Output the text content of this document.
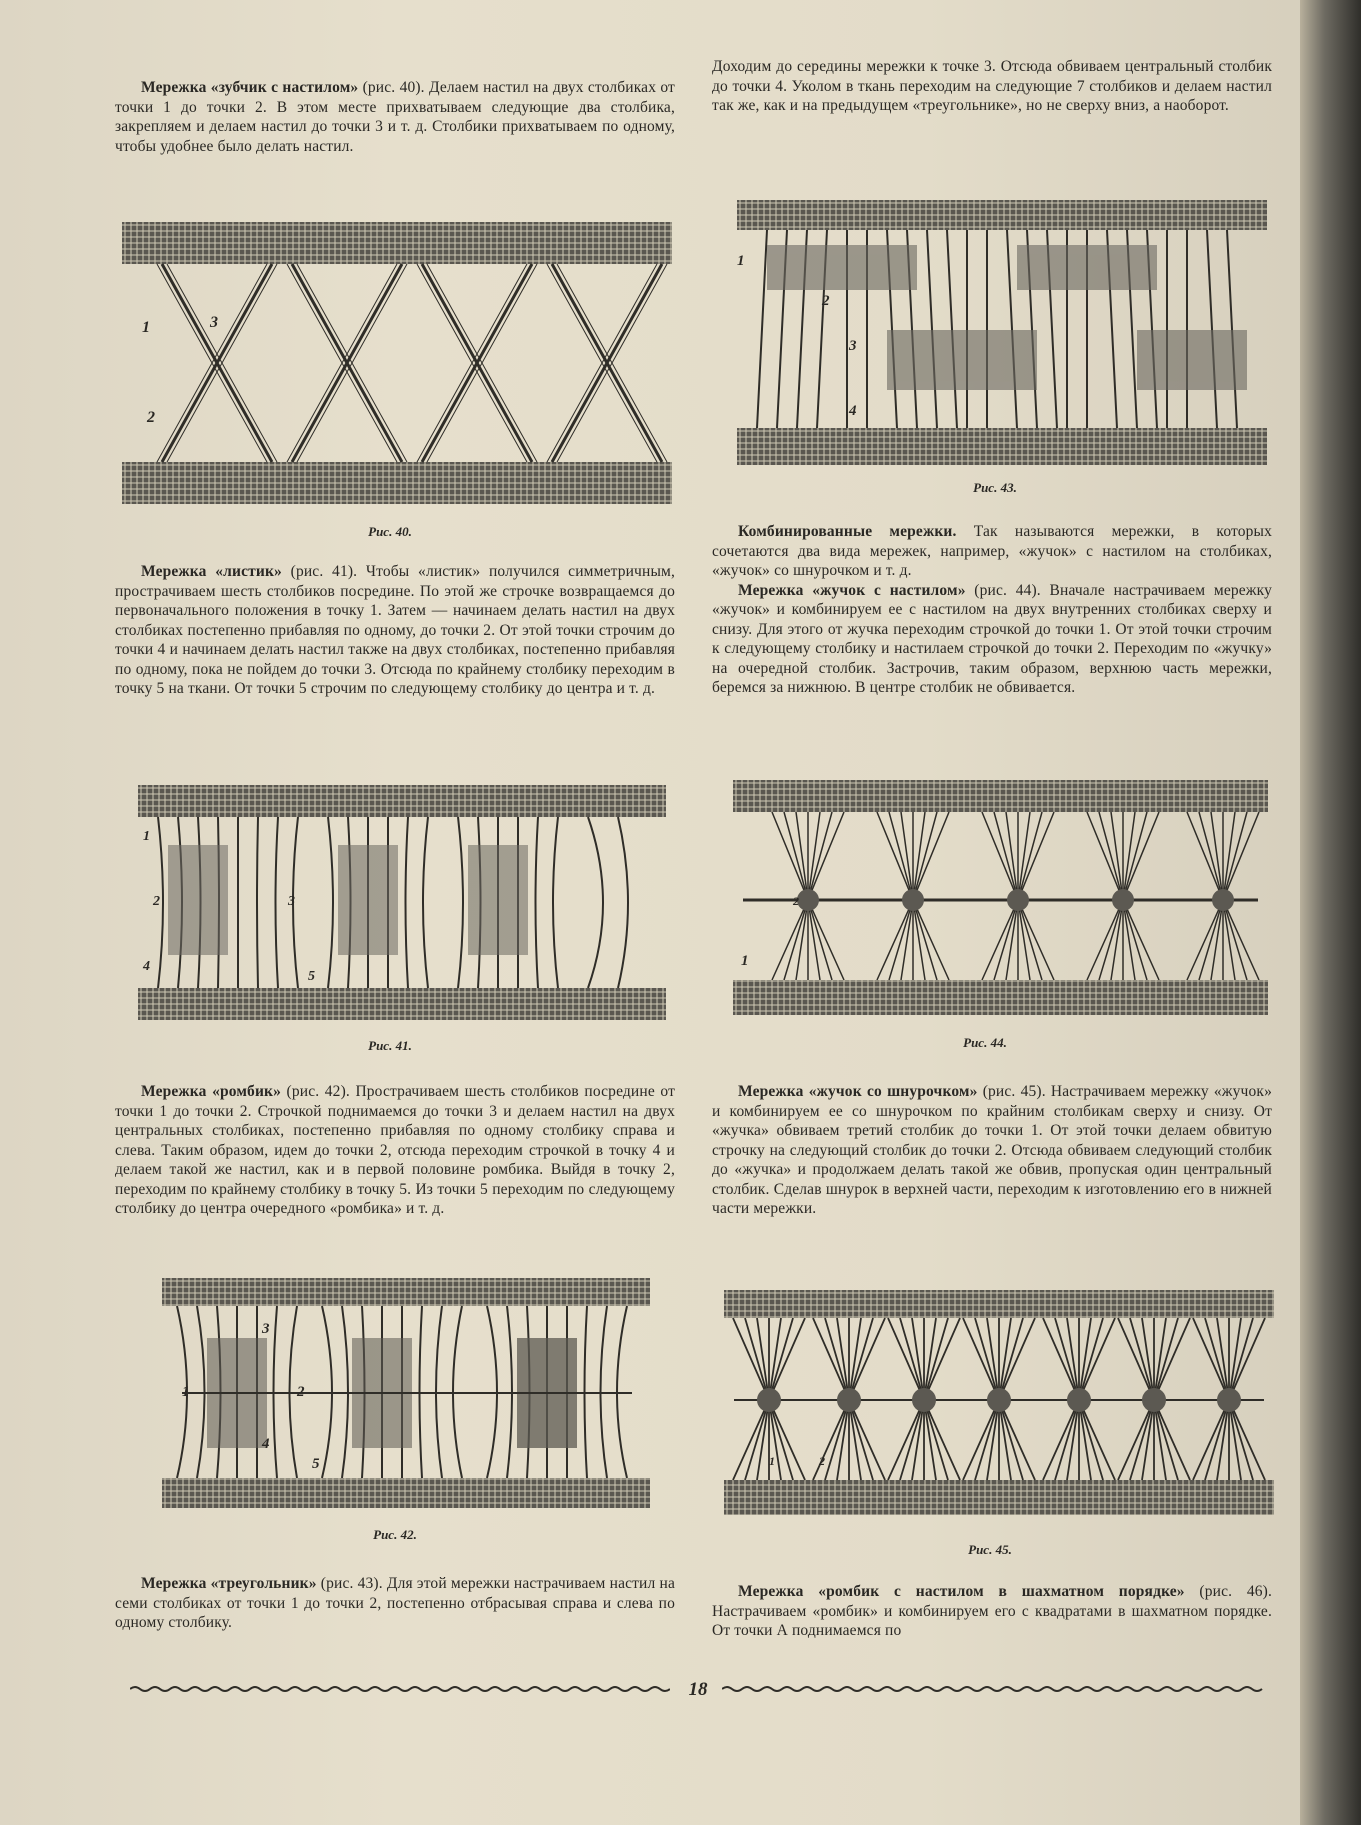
Мережка «зубчик с настилом» (рис. 40). Делаем настил на двух столбиках от точки 1 до точки 2. В этом месте прихватываем следующие два столбика, закрепляем и делаем настил до точки 3 и т. д. Столбики прихватываем по одному, чтобы удобнее было делать настил.

1	3
2
Рис. 40.

Мережка «листик» (рис. 41). Чтобы «листик» получился симметричным, прострачиваем шесть столбиков посредине. По этой же строчке возвращаемся до первоначального положения в точку 1. Затем — начинаем делать настил на двух столбиках постепенно прибавляя по одному, до точки 2. От этой точки строчим до точки 4 и начинаем делать настил также на двух столбиках, постепенно прибавляя по одному, пока не пойдем до точки 3. Отсюда по крайнему столбику переходим в точку 5 на ткани. От точки 5 строчим по следующему столбику до центра и т. д.

1
2	3
4
5
Рис. 41.

Мережка «ромбик» (рис. 42). Прострачиваем шесть столбиков посредине от точки 1 до точки 2. Строчкой поднимаемся до точки 3 и делаем настил на двух центральных столбиках, постепенно прибавляя по одному столбику справа и слева. Таким образом, идем до точки 2, отсюда переходим строчкой в точку 4 и делаем такой же настил, как и в первой половине ромбика. Выйдя в точку 2, переходим по крайнему столбику в точку 5. Из точки 5 переходим по следующему столбику до центра очередного «ромбика» и т. д.

3
1	2
4
5
Рис. 42.

Мережка «треугольник» (рис. 43). Для этой мережки настрачиваем настил на семи столбиках от точки 1 до точки 2, постепенно отбрасывая справа и слева по одному столбику.

Доходим до середины мережки к точке 3. Отсюда обвиваем центральный столбик до точки 4. Уколом в ткань переходим на следующие 7 столбиков и делаем настил так же, как и на предыдущем «треугольнике», но не сверху вниз, а наоборот.

1
2
3
4
Рис. 43.

Комбинированные мережки. Так называются мережки, в которых сочетаются два вида мережек, например, «жучок» с настилом на столбиках, «жучок» со шнурочком и т. д.

Мережка «жучок с настилом» (рис. 44). Вначале настрачиваем мережку «жучок» и комбинируем ее с настилом на двух внутренних столбиках сверху и снизу. Для этого от жучка переходим строчкой до точки 1. От этой точки строчим к следующему столбику и настилаем строчкой до точки 2. Переходим по «жучку» на очередной столбик. Застрочив, таким образом, верхнюю часть мережки, беремся за нижнюю. В центре столбик не обвивается.

1
2
Рис. 44.

Мережка «жучок со шнурочком» (рис. 45). Настрачиваем мережку «жучок» и комбинируем ее со шнурочком по крайним столбикам сверху и снизу. От «жучка» обвиваем третий столбик до точки 1. От этой точки делаем обвитую строчку на следующий столбик до точки 2. Отсюда обвиваем следующий столбик до «жучка» и продолжаем делать такой же обвив, пропуская один центральный столбик. Сделав шнурок в верхней части, переходим к изготовлению его в нижней части мережки.

1	2
Рис. 45.

Мережка «ромбик с настилом в шахматном порядке» (рис. 46). Настрачиваем «ромбик» и комбинируем его с квадратами в шахматном порядке. От точки А поднимаемся по

18
